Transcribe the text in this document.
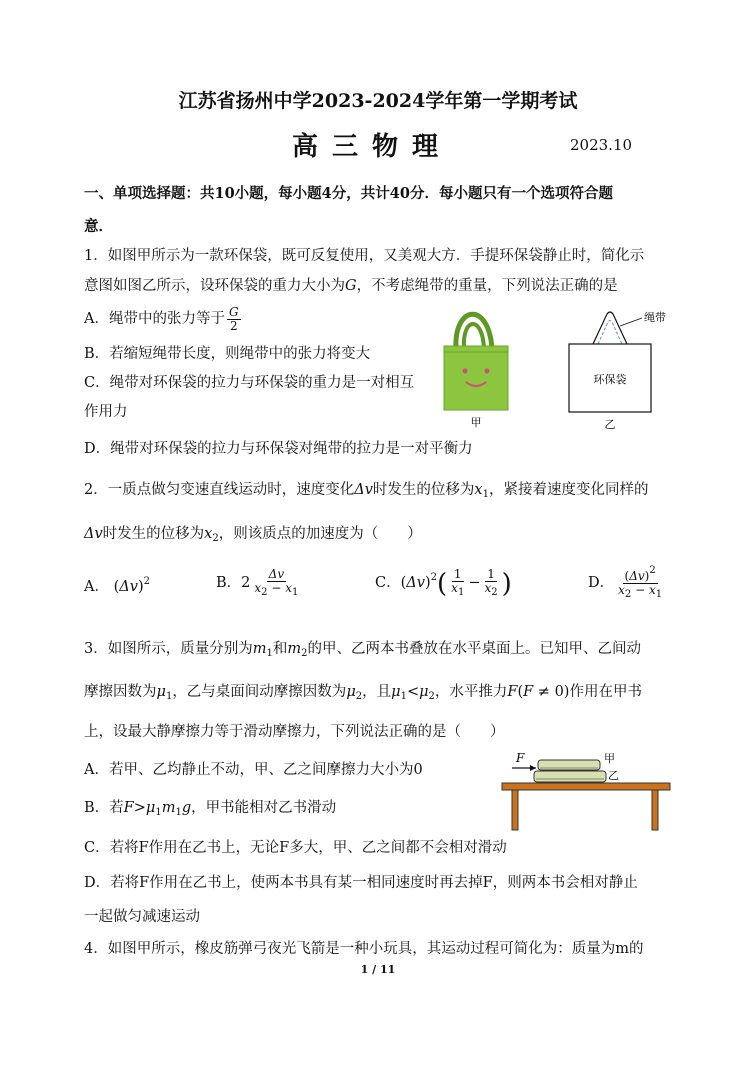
江苏省扬州中学2023-2024学年第一学期考试
高三物理	2023.10
一、单项选择题：共10小题，每小题4分，共计40分．每小题只有一个选项符合题
意．
1．如图甲所示为一款环保袋，既可反复使用，又美观大方．手提环保袋静止时，简化示
意图如图乙所示，设环保袋的重力大小为G，不考虑绳带的重量，下列说法正确的是
A．绳带中的张力等于 $\frac{G}{2}$
B．若缩短绳带长度，则绳带中的张力将变大
C．绳带对环保袋的拉力与环保袋的重力是一对相互
作用力
D．绳带对环保袋的拉力与环保袋对绳带的拉力是一对平衡力
甲
绳带
环保袋
乙
2．一质点做匀变速直线运动时，速度变化Δv时发生的位移为$x_1$，紧接着速度变化同样的
Δv时发生的位移为$x_2$，则该质点的加速度为（　　）
A． $(\Delta v)^2$	B．$2 \frac{\Delta v}{x_2 - x_1}$	C．$(\Delta v)^2( \frac{1}{x_1} - \frac{1}{x_2}$ )	D． $\frac{(\Delta v)^2}{x_2 - x_1}$
3．如图所示，质量分别为$m_1$和$m_2$的甲、乙两本书叠放在水平桌面上。已知甲、乙间动
摩擦因数为$\mu_1$，乙与桌面间动摩擦因数为$\mu_2$，且$\mu_1<\mu_2$，水平推力F(F ≠ 0)作用在甲书
上，设最大静摩擦力等于滑动摩擦力，下列说法正确的是（　　）
A．若甲、乙均静止不动，甲、乙之间摩擦力大小为0
B．若$F>\mu_1m_1g$，甲书能相对乙书滑动
C．若将F作用在乙书上，无论F多大，甲、乙之间都不会相对滑动
D．若将F作用在乙书上，使两本书具有某一相同速度时再去掉F，则两本书会相对静止
一起做匀减速运动
F	甲
乙
4．如图甲所示，橡皮筋弹弓夜光飞箭是一种小玩具，其运动过程可简化为：质量为m的
1 / 11
